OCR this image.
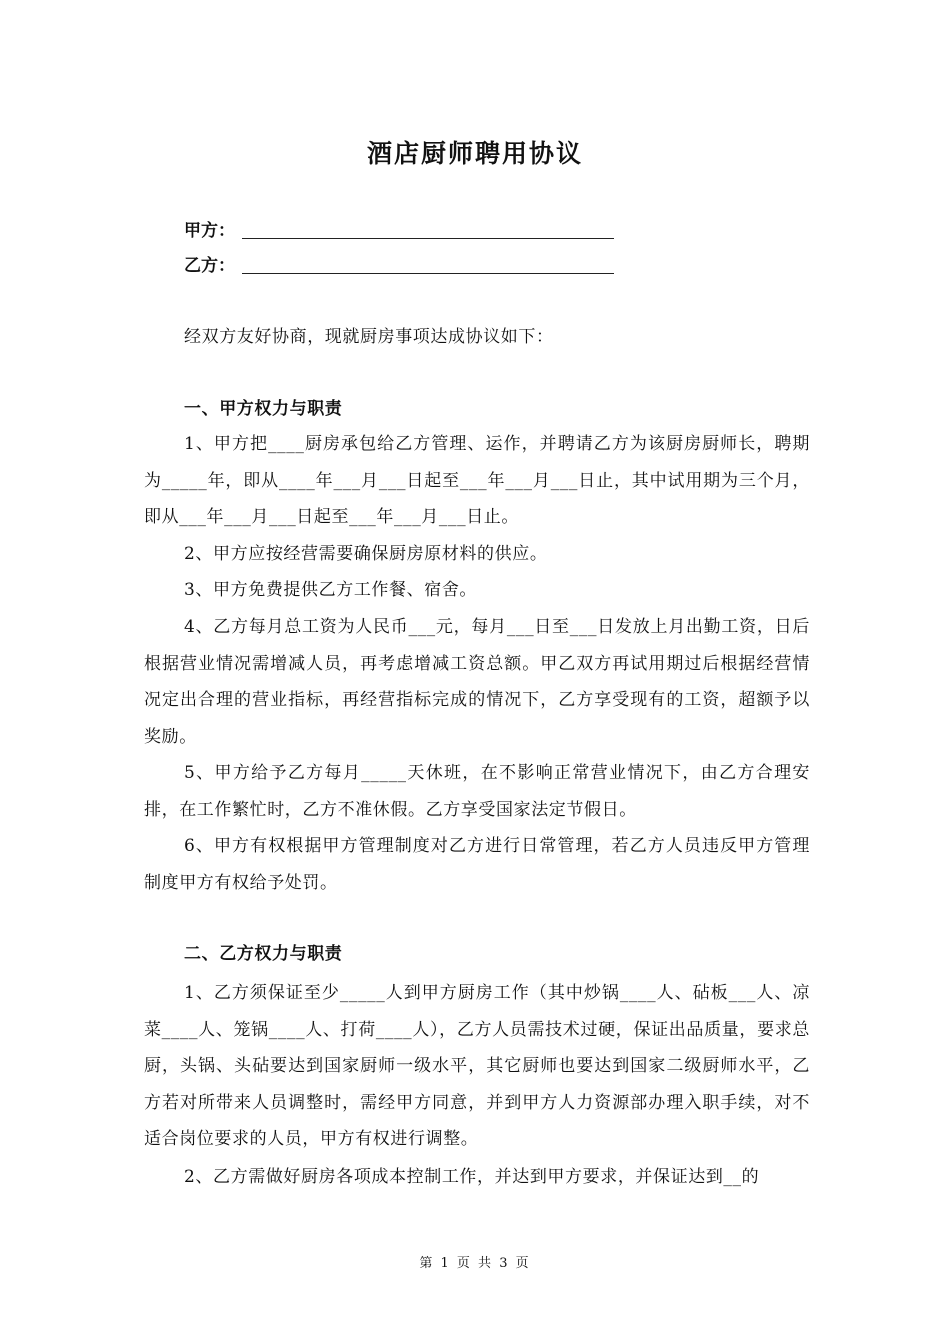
酒店厨师聘用协议
甲方：
乙方：
经双方友好协商，现就厨房事项达成协议如下：
一、甲方权力与职责
1、甲方把____厨房承包给乙方管理、运作，并聘请乙方为该厨房厨师长，聘期为_____年，即从____年___月___日起至___年___月___日止，其中试用期为三个月，即从___年___月___日起至___年___月___日止。
2、甲方应按经营需要确保厨房原材料的供应。
3、甲方免费提供乙方工作餐、宿舍。
4、乙方每月总工资为人民币___元，每月___日至___日发放上月出勤工资，日后根据营业情况需增减人员，再考虑增减工资总额。甲乙双方再试用期过后根据经营情况定出合理的营业指标，再经营指标完成的情况下，乙方享受现有的工资，超额予以奖励。
5、甲方给予乙方每月_____天休班，在不影响正常营业情况下，由乙方合理安排，在工作繁忙时，乙方不准休假。乙方享受国家法定节假日。
6、甲方有权根据甲方管理制度对乙方进行日常管理，若乙方人员违反甲方管理制度甲方有权给予处罚。
二、乙方权力与职责
1、乙方须保证至少_____人到甲方厨房工作（其中炒锅____人、砧板___人、凉菜____人、笼锅____人、打荷____人），乙方人员需技术过硬，保证出品质量，要求总厨，头锅、头砧要达到国家厨师一级水平，其它厨师也要达到国家二级厨师水平，乙方若对所带来人员调整时，需经甲方同意，并到甲方人力资源部办理入职手续，对不适合岗位要求的人员，甲方有权进行调整。
2、乙方需做好厨房各项成本控制工作，并达到甲方要求，并保证达到__的
第 1 页 共 3 页
